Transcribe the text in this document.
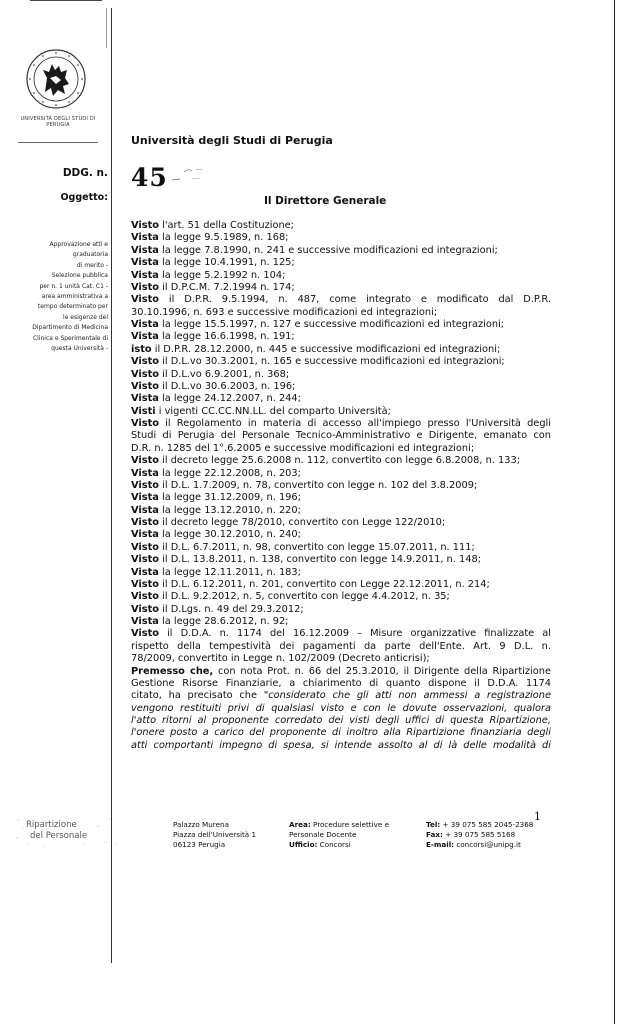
UNIVERSITÀ DEGLI STUDI DI PERUGIA
Università degli Studi di Perugia
DDG. n. 45
Oggetto:	Il Direttore Generale
Approvazione atti e
graduatoria
di merito -
Selezione pubblica
per n. 1 unità Cat. C1 -
area amministrativa a
tempo determinato per
le esigenze del
Dipartimento di Medicina
Clinica e Sperimentale di
questa Università -
Visto l'art. 51 della Costituzione;
Vista la legge 9.5.1989, n. 168;
Vista la legge 7.8.1990, n. 241 e successive modificazioni ed integrazioni;
Vista la legge 10.4.1991, n. 125;
Vista la legge 5.2.1992 n. 104;
Visto il D.P.C.M. 7.2.1994 n. 174;
Visto il D.P.R. 9.5.1994, n. 487, come integrato e modificato dal D.P.R.
30.10.1996, n. 693 e successive modificazioni ed integrazioni;
Vista la legge 15.5.1997, n. 127 e successive modificazioni ed integrazioni;
Vista la legge 16.6.1998, n. 191;
isto il D.P.R. 28.12.2000, n. 445 e successive modificazioni ed integrazioni;
Visto il D.L.vo 30.3.2001, n. 165 e successive modificazioni ed integrazioni;
Visto il D.L.vo 6.9.2001, n. 368;
Visto il D.L.vo 30.6.2003, n. 196;
Vista la legge 24.12.2007, n. 244;
Visti i vigenti CC.CC.NN.LL. del comparto Università;
Visto il Regolamento in materia di accesso all'impiego presso l'Università degli
Studi di Perugia del Personale Tecnico-Amministrativo e Dirigente, emanato con
D.R. n. 1285 del 1°.6.2005 e successive modificazioni ed integrazioni;
Visto il decreto legge 25.6.2008 n. 112, convertito con legge 6.8.2008, n. 133;
Vista la legge 22.12.2008, n. 203;
Visto il D.L. 1.7.2009, n. 78, convertito con legge n. 102 del 3.8.2009;
Vista la legge 31.12.2009, n. 196;
Vista la legge 13.12.2010, n. 220;
Visto il decreto legge 78/2010, convertito con Legge 122/2010;
Vista la legge 30.12.2010, n. 240;
Visto il D.L. 6.7.2011, n. 98, convertito con legge 15.07.2011, n. 111;
Visto il D.L. 13.8.2011, n. 138, convertito con legge 14.9.2011, n. 148;
Vista la legge 12.11.2011, n. 183;
Visto il D.L. 6.12.2011, n. 201, convertito con Legge 22.12.2011, n. 214;
Visto il D.L. 9.2.2012, n. 5, convertito con legge 4.4.2012, n. 35;
Visto il D.Lgs. n. 49 del 29.3.2012;
Vista la legge 28.6.2012, n. 92;
Visto il D.D.A. n. 1174 del 16.12.2009 – Misure organizzative finalizzate al
rispetto della tempestività dei pagamenti da parte dell'Ente. Art. 9 D.L. n.
78/2009, convertito in Legge n. 102/2009 (Decreto anticrisi);
Premesso che, con nota Prot. n. 66 del 25.3.2010, il Dirigente della Ripartizione
Gestione Risorse Finanziarie, a chiarimento di quanto dispone il D.D.A. 1174
citato, ha precisato che "considerato che gli atti non ammessi a registrazione
vengono restituiti privi di qualsiasi visto e con le dovute osservazioni, qualora
l'atto ritorni al proponente corredato dei visti degli uffici di questa Ripartizione,
l'onere posto a carico del proponente di inoltro alla Ripartizione finanziaria degli
atti comportanti impegno di spesa, si intende assolto al di là delle modalità di
Ripartizione
del Personale
Palazzo Murena
Piazza dell'Università 1
06123 Perugia
Area: Procedure selettive e
Personale Docente
Ufficio: Concorsi
Tel: + 39 075 585 2045-2368
Fax: + 39 075 585 5168
E-mail: concorsi@unipg.it
1
